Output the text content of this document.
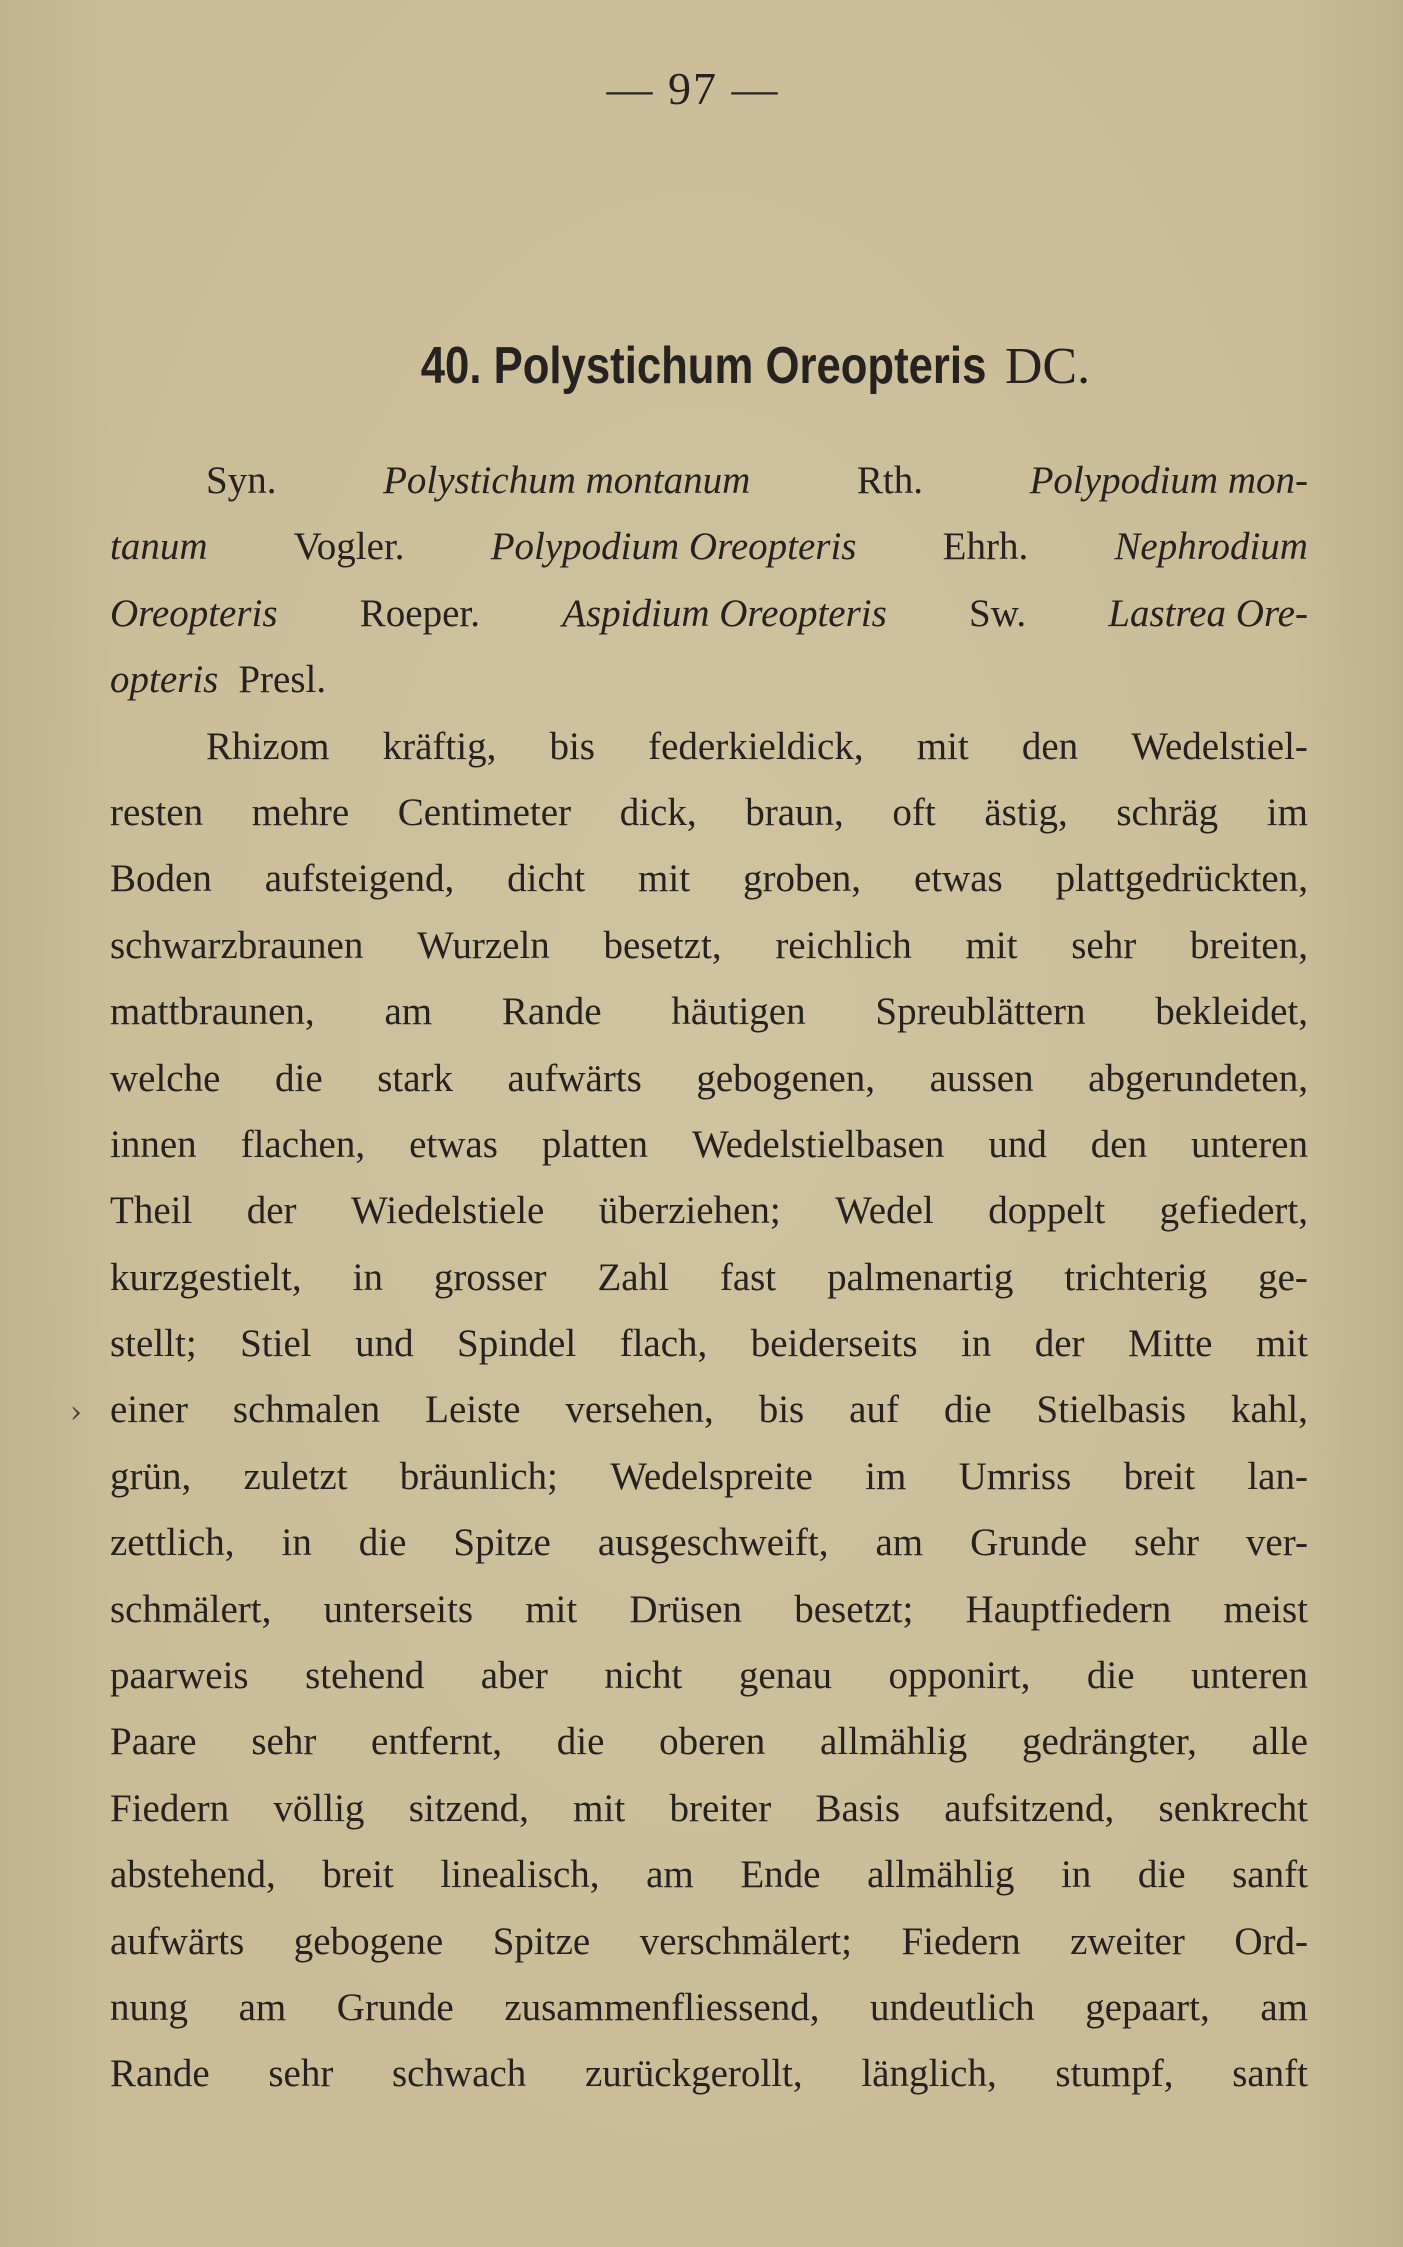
— 97 —
40. Polystichum Oreopteris DC.
Syn.	Polystichum montanum	Rth.	Polypodium mon-
tanum Vogler. Polypodium Oreopteris Ehrh. Nephrodium
Oreopteris Roeper. Aspidium Oreopteris Sw. Lastrea Ore-
opteris Presl.
Rhizom kräftig, bis federkieldick, mit den Wedelstiel-
resten mehre Centimeter dick, braun, oft ästig, schräg im
Boden aufsteigend, dicht mit groben, etwas plattgedrückten,
schwarzbraunen Wurzeln besetzt, reichlich mit sehr breiten,
mattbraunen, am Rande häutigen Spreublättern bekleidet,
welche die stark aufwärts gebogenen, aussen abgerundeten,
innen flachen, etwas platten Wedelstielbasen und den unteren
Theil der Wiedelstiele überziehen; Wedel doppelt gefiedert,
kurzgestielt, in grosser Zahl fast palmenartig trichterig ge-
stellt; Stiel und Spindel flach, beiderseits in der Mitte mit
einer schmalen Leiste versehen, bis auf die Stielbasis kahl,
grün, zuletzt bräunlich; Wedelspreite im Umriss breit lan-
zettlich, in die Spitze ausgeschweift, am Grunde sehr ver-
schmälert, unterseits mit Drüsen besetzt; Hauptfiedern meist
paarweis stehend aber nicht genau opponirt, die unteren
Paare sehr entfernt, die oberen allmählig gedrängter, alle
Fiedern völlig sitzend, mit breiter Basis aufsitzend, senkrecht
abstehend, breit linealisch, am Ende allmählig in die sanft
aufwärts gebogene Spitze verschmälert; Fiedern zweiter Ord-
nung am Grunde zusammenfliessend, undeutlich gepaart, am
Rande sehr schwach zurückgerollt, länglich, stumpf, sanft
›
